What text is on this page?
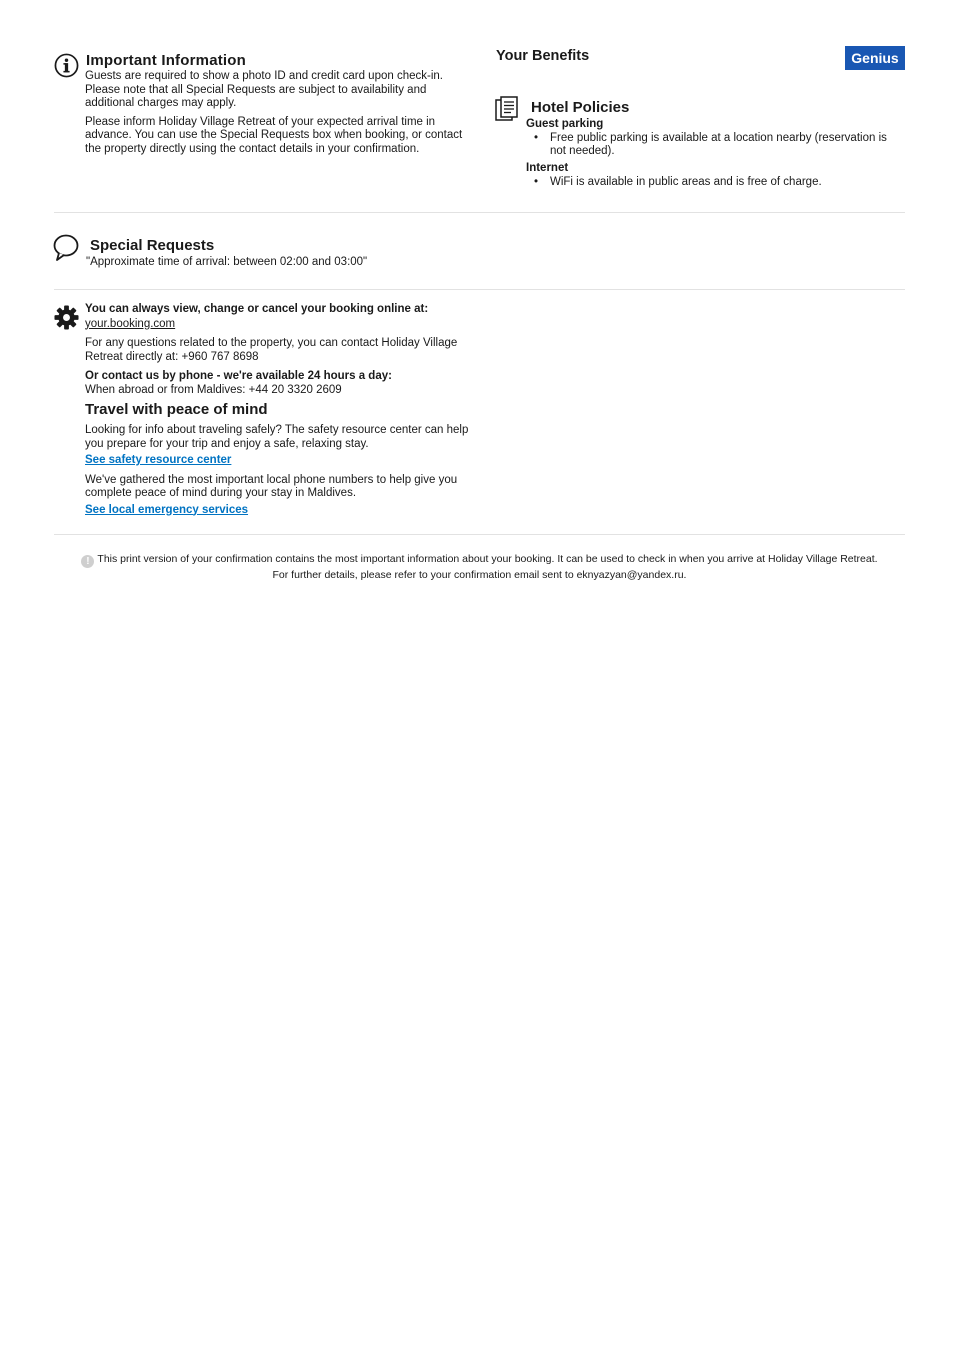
Important Information

Guests are required to show a photo ID and credit card upon check-in. Please note that all Special Requests are subject to availability and additional charges may apply.

Please inform Holiday Village Retreat of your expected arrival time in advance. You can use the Special Requests box when booking, or contact the property directly using the contact details in your confirmation.

Your Benefits	Genius
Hotel Policies
Guest parking
• Free public parking is available at a location nearby (reservation is not needed).
Internet
• WiFi is available in public areas and is free of charge.
Special Requests
"Approximate time of arrival: between 02:00 and 03:00"
You can always view, change or cancel your booking online at:
your.booking.com
For any questions related to the property, you can contact Holiday Village Retreat directly at: +960 767 8698
Or contact us by phone - we're available 24 hours a day:
When abroad or from Maldives: +44 20 3320 2609
Travel with peace of mind
Looking for info about traveling safely? The safety resource center can help you prepare for your trip and enjoy a safe, relaxing stay.
See safety resource center
We've gathered the most important local phone numbers to help give you complete peace of mind during your stay in Maldives.
See local emergency services
! This print version of your confirmation contains the most important information about your booking. It can be used to check in when you arrive at Holiday Village Retreat.
For further details, please refer to your confirmation email sent to eknyazyan@yandex.ru.
